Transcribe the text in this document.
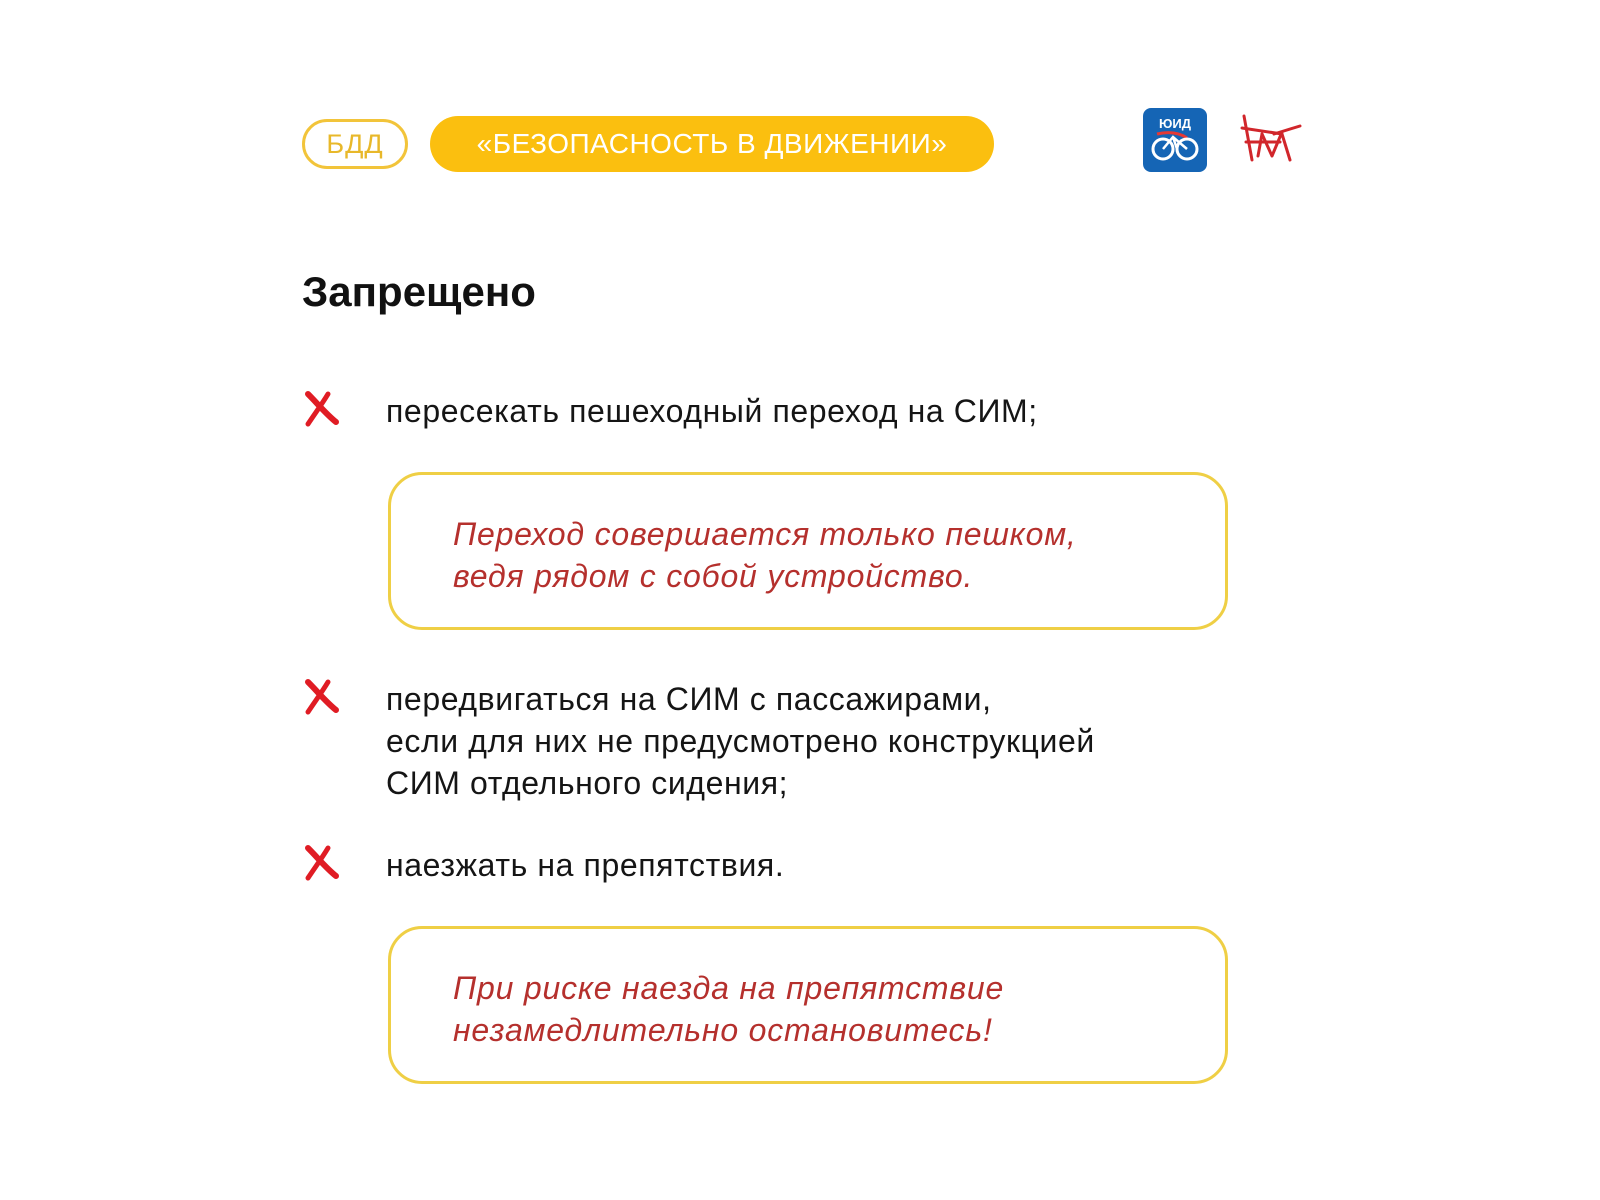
БДД	«БЕЗОПАСНОСТЬ В ДВИЖЕНИИ»
ЮИД
Запрещено
пересекать пешеходный переход на СИМ;
Переход совершается только пешком,
ведя рядом с собой устройство.
передвигаться на СИМ с пассажирами,
если для них не предусмотрено конструкцией
СИМ отдельного сидения;
наезжать на препятствия.
При риске наезда на препятствие
незамедлительно остановитесь!
